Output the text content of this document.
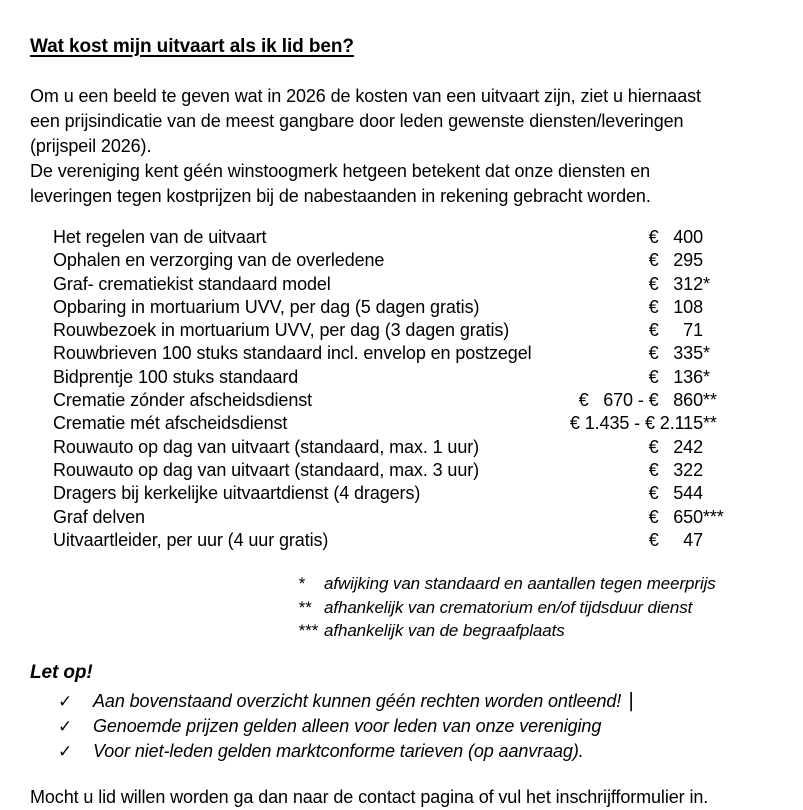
Wat kost mijn uitvaart als ik lid ben?
Om u een beeld te geven wat in 2026 de kosten van een uitvaart zijn, ziet u hiernaast
een prijsindicatie van de meest gangbare door leden gewenste diensten/leveringen
(prijspeil 2026).
De vereniging kent géén winstoogmerk hetgeen betekent dat onze diensten en
leveringen tegen kostprijzen bij de nabestaanden in rekening gebracht worden.
Het regelen van de uitvaart	€   400
Ophalen en verzorging van de overledene	€   295
Graf- crematiekist standaard model	€   312 *
Opbaring in mortuarium UVV, per dag (5 dagen gratis)	€   108
Rouwbezoek in mortuarium UVV, per dag (3 dagen gratis)	€     71
Rouwbrieven 100 stuks standaard incl. envelop en postzegel	€   335 *
Bidprentje 100 stuks standaard	€   136 *
Crematie zónder afscheidsdienst	€   670 - €   860 **
Crematie mét afscheidsdienst	€ 1.435 - € 2.115 **
Rouwauto op dag van uitvaart (standaard, max. 1 uur)	€   242
Rouwauto op dag van uitvaart (standaard, max. 3 uur)	€   322
Dragers bij kerkelijke uitvaartdienst (4 dragers)	€   544
Graf delven	€   650 ***
Uitvaartleider, per uur (4 uur gratis)	€     47
*	afwijking van standaard en aantallen tegen meerprijs
** afhankelijk van crematorium en/of tijdsduur dienst
*** afhankelijk van de begraafplaats
Let op!
✓	Aan bovenstaand overzicht kunnen géén rechten worden ontleend! |
✓	Genoemde prijzen gelden alleen voor leden van onze vereniging
✓	Voor niet-leden gelden marktconforme tarieven (op aanvraag).
Mocht u lid willen worden ga dan naar de contact pagina of vul het inschrijfformulier in.
